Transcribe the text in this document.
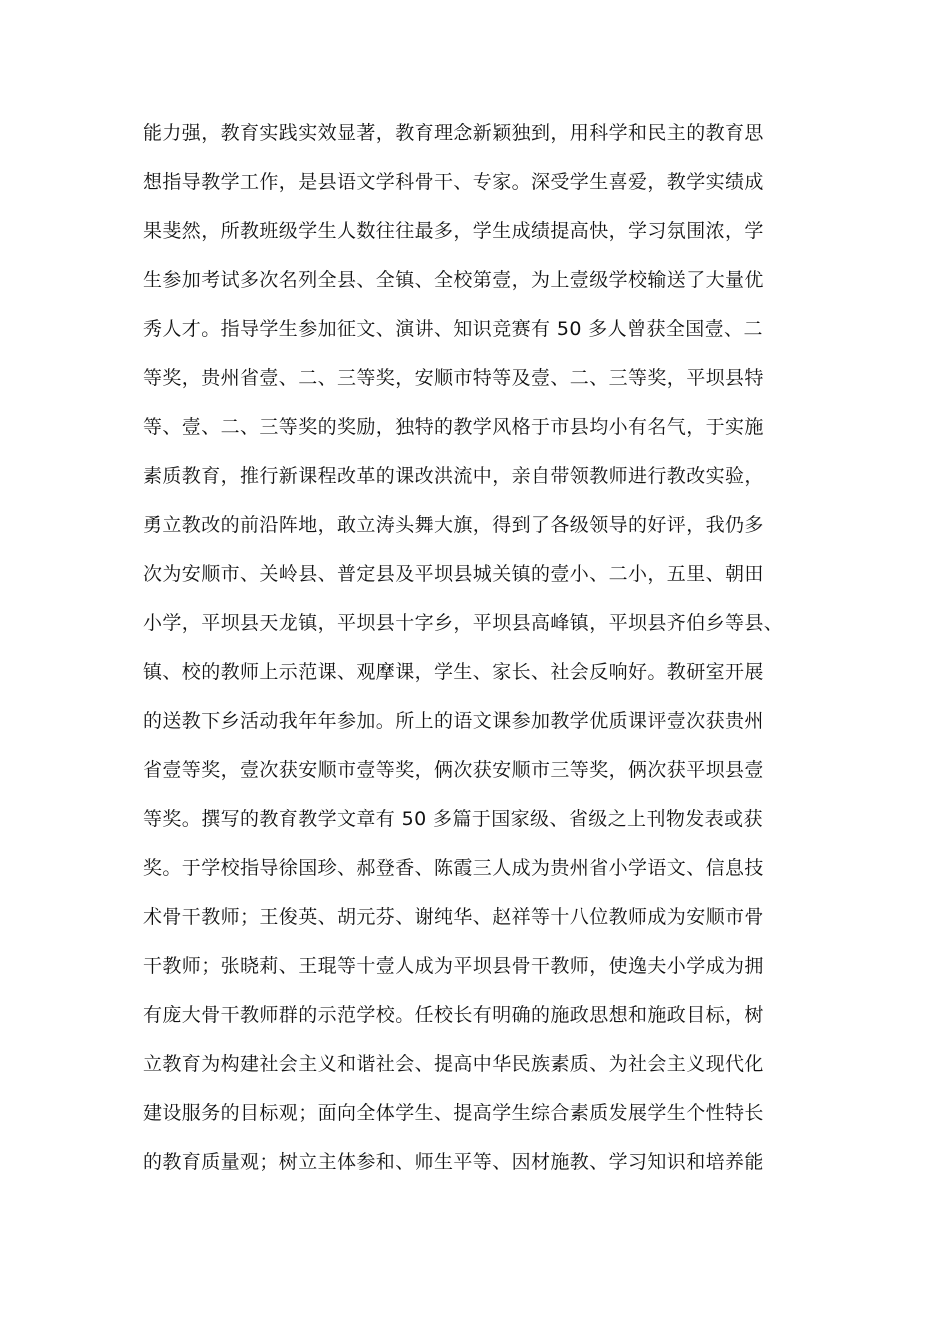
能力强，教育实践实效显著，教育理念新颖独到，用科学和民主的教育思
想指导教学工作，是县语文学科骨干、专家。深受学生喜爱，教学实绩成
果斐然，所教班级学生人数往往最多，学生成绩提高快，学习氛围浓，学
生参加考试多次名列全县、全镇、全校第壹，为上壹级学校输送了大量优
秀人才。指导学生参加征文、演讲、知识竞赛有 50 多人曾获全国壹、二
等奖，贵州省壹、二、三等奖，安顺市特等及壹、二、三等奖，平坝县特
等、壹、二、三等奖的奖励，独特的教学风格于市县均小有名气，于实施
素质教育，推行新课程改革的课改洪流中，亲自带领教师进行教改实验，
勇立教改的前沿阵地，敢立涛头舞大旗，得到了各级领导的好评，我仍多
次为安顺市、关岭县、普定县及平坝县城关镇的壹小、二小，五里、朝田
小学，平坝县天龙镇，平坝县十字乡，平坝县高峰镇，平坝县齐伯乡等县、
镇、校的教师上示范课、观摩课，学生、家长、社会反响好。教研室开展
的送教下乡活动我年年参加。所上的语文课参加教学优质课评壹次获贵州
省壹等奖，壹次获安顺市壹等奖，俩次获安顺市三等奖，俩次获平坝县壹
等奖。撰写的教育教学文章有 50 多篇于国家级、省级之上刊物发表或获
奖。于学校指导徐国珍、郝登香、陈霞三人成为贵州省小学语文、信息技
术骨干教师；王俊英、胡元芬、谢纯华、赵祥等十八位教师成为安顺市骨
干教师；张晓莉、王琨等十壹人成为平坝县骨干教师，使逸夫小学成为拥
有庞大骨干教师群的示范学校。任校长有明确的施政思想和施政目标，树
立教育为构建社会主义和谐社会、提高中华民族素质、为社会主义现代化
建设服务的目标观；面向全体学生、提高学生综合素质发展学生个性特长
的教育质量观；树立主体参和、师生平等、因材施教、学习知识和培养能
